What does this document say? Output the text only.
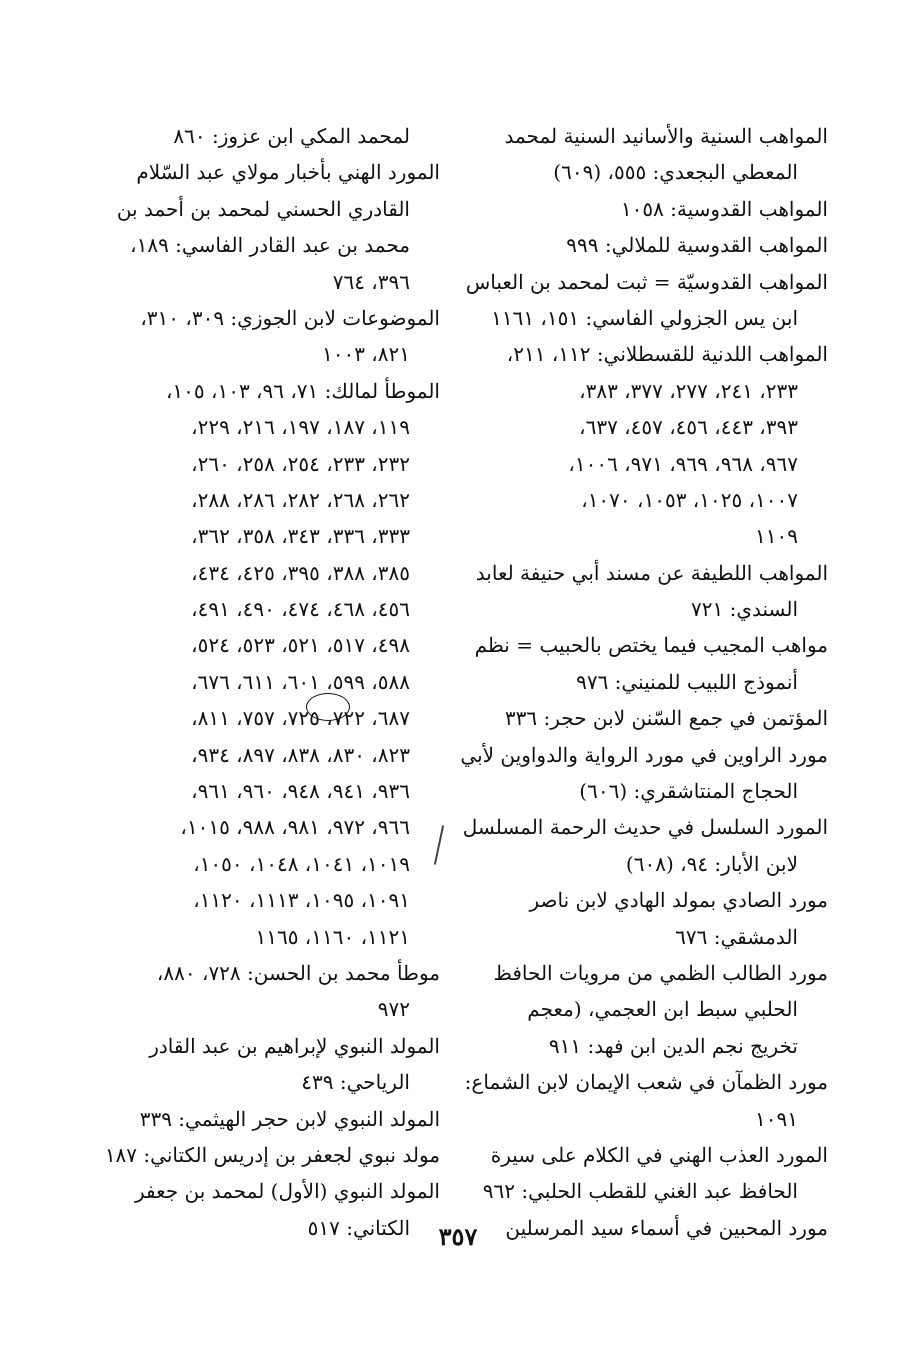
المواهب السنية والأسانيد السنية لمحمد
المعطي البجعدي: ٥٥٥، (٦٠٩)
المواهب القدوسية: ١٠٥٨
المواهب القدوسية للملالي: ٩٩٩
المواهب القدوسيّة = ثبت لمحمد بن العباس
ابن يس الجزولي الفاسي: ١٥١، ١١٦١
المواهب اللدنية للقسطلاني: ١١٢، ٢١١،
٢٣٣، ٢٤١، ٢٧٧، ٣٧٧، ٣٨٣،
٣٩٣، ٤٤٣، ٤٥٦، ٤٥٧، ٦٣٧،
٩٦٧، ٩٦٨، ٩٦٩، ٩٧١، ١٠٠٦،
١٠٠٧، ١٠٢٥، ١٠٥٣، ١٠٧٠،
١١٠٩
المواهب اللطيفة عن مسند أبي حنيفة لعابد
السندي: ٧٢١
مواهب المجيب فيما يختص بالحبيب = نظم
أنموذج اللبيب للمنيني: ٩٧٦
المؤتمن في جمع السّنن لابن حجر: ٣٣٦
مورد الراوين في مورد الرواية والدواوين لأبي
الحجاج المنتاشقري: (٦٠٦)
المورد السلسل في حديث الرحمة المسلسل
لابن الأبار: ٩٤، (٦٠٨)
مورد الصادي بمولد الهادي لابن ناصر
الدمشقي: ٦٧٦
مورد الطالب الظمي من مرويات الحافظ
الحلبي سبط ابن العجمي، (معجم
تخريج نجم الدين ابن فهد: ٩١١
مورد الظمآن في شعب الإيمان لابن الشماع:
١٠٩١
المورد العذب الهني في الكلام على سيرة
الحافظ عبد الغني للقطب الحلبي: ٩٦٢
مورد المحبين في أسماء سيد المرسلين
لمحمد المكي ابن عزوز: ٨٦٠
المورد الهني بأخبار مولاي عبد السّلام
القادري الحسني لمحمد بن أحمد بن
محمد بن عبد القادر الفاسي: ١٨٩،
٣٩٦، ٧٦٤
الموضوعات لابن الجوزي: ٣٠٩، ٣١٠،
٨٢١، ١٠٠٣
الموطأ لمالك: ٧١، ٩٦، ١٠٣، ١٠٥،
١١٩، ١٨٧، ١٩٧، ٢١٦، ٢٢٩،
٢٣٢، ٢٣٣، ٢٥٤، ٢٥٨، ٢٦٠،
٢٦٢، ٢٦٨، ٢٨٢، ٢٨٦، ٢٨٨،
٣٣٣، ٣٣٦، ٣٤٣، ٣٥٨، ٣٦٢،
٣٨٥، ٣٨٨، ٣٩٥، ٤٢٥، ٤٣٤،
٤٥٦، ٤٦٨، ٤٧٤، ٤٩٠، ٤٩١،
٤٩٨، ٥١٧، ٥٢١، ٥٢٣، ٥٢٤،
٥٨٨، ٥٩٩، ٦٠١، ٦١١، ٦٧٦،
٦٨٧، ٧٢٢، ٧٢٥، ٧٥٧، ٨١١،
٨٢٣، ٨٣٠، ٨٣٨، ٨٩٧، ٩٣٤،
٩٣٦، ٩٤١، ٩٤٨، ٩٦٠، ٩٦١،
٩٦٦، ٩٧٢، ٩٨١، ٩٨٨، ١٠١٥،
١٠١٩، ١٠٤١، ١٠٤٨، ١٠٥٠،
١٠٩١، ١٠٩٥، ١١١٣، ١١٢٠،
١١٢١، ١١٦٠، ١١٦٥
موطأ محمد بن الحسن: ٧٢٨، ٨٨٠،
٩٧٢
المولد النبوي لإبراهيم بن عبد القادر
الرياحي: ٤٣٩
المولد النبوي لابن حجر الهيثمي: ٣٣٩
مولد نبوي لجعفر بن إدريس الكتاني: ١٨٧
المولد النبوي (الأول) لمحمد بن جعفر
الكتاني: ٥١٧	٣٥٧
